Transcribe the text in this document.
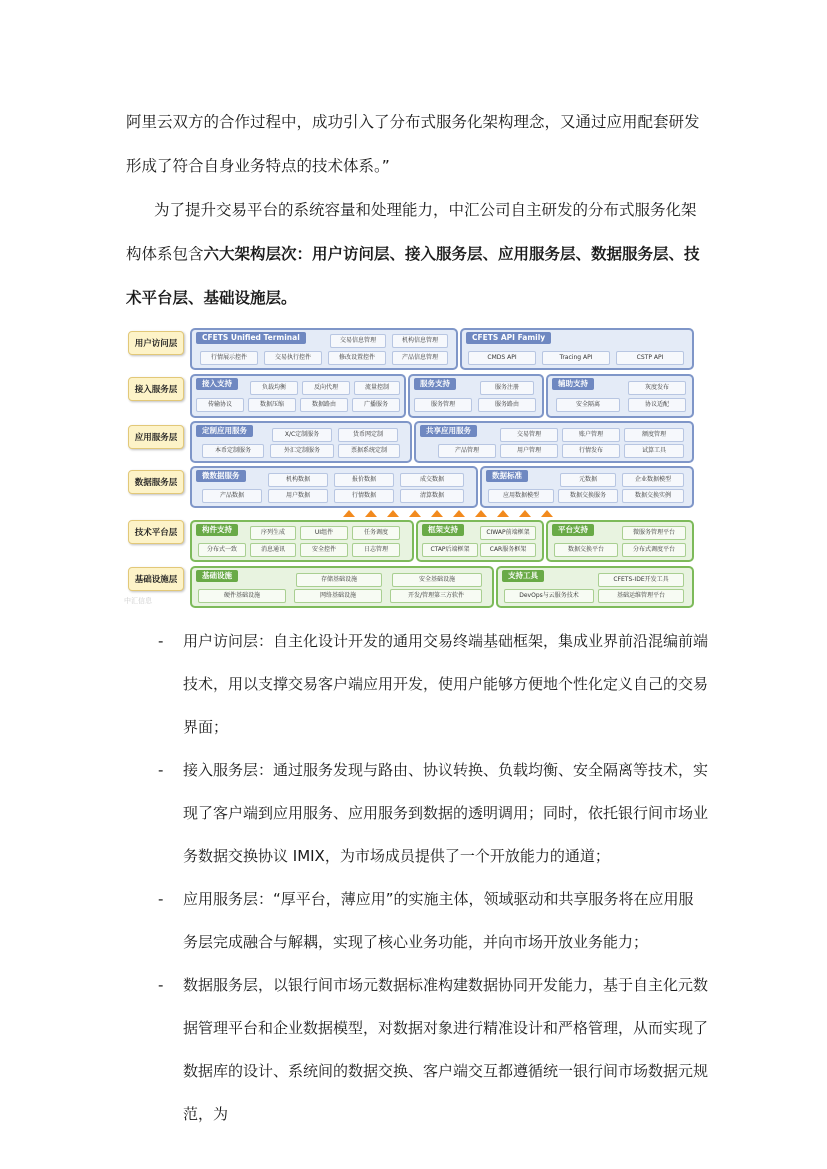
阿里云双方的合作过程中，成功引入了分布式服务化架构理念，又通过应用配套研发形成了符合自身业务特点的技术体系。”
为了提升交易平台的系统容量和处理能力，中汇公司自主研发的分布式服务化架构体系包含六大架构层次：用户访问层、接入服务层、应用服务层、数据服务层、技术平台层、基础设施层。
用户访问层
接入服务层
应用服务层
数据服务层
技术平台层
基础设施层
CFETS Unified Terminal	交易信息管理	机构信息管理
行情展示控件	交易执行控件	修改设置控件	产品信息管理
CFETS API Family
CMDS API	Tracing API	CSTP API
接入支持	负载均衡	反向代理	流量控制
传输协议	数据压缩	数据路由	广播服务
服务支持	服务注册
服务管理	服务路由
辅助支持	灰度发布
安全隔离	协议适配
定制应用服务	X/C定制服务	货币网定制
本币定制服务	外汇定制服务	票据系统定制
共享应用服务	交易管理	账户管理	额度管理
产品管理	用户管理	行情发布	试算工具
微数据服务	机构数据	报价数据	成交数据
产品数据	用户数据	行情数据	清算数据
数据标准	元数据	企业数据模型
应用数据模型	数据交换服务	数据交换实例
构件支持	序列生成	UI组件	任务调度
分布式一致	消息通讯	安全控件	日志管理
框架支持	CIWAP前端框架
CTAP后端框架	CAR服务框架
平台支持	微服务管理平台
数据交换平台	分布式调度平台
基础设施	存储基础设施	安全基础设施
硬件基础设施	网络基础设施	开发/管理第三方软件
支持工具	CFETS-IDE开发工具
DevOps与云服务技术	基础运维管理平台
中汇信息
- 用户访问层：自主化设计开发的通用交易终端基础框架，集成业界前沿混编前端技术，用以支撑交易客户端应用开发，使用户能够方便地个性化定义自己的交易界面；
- 接入服务层：通过服务发现与路由、协议转换、负载均衡、安全隔离等技术，实现了客户端到应用服务、应用服务到数据的透明调用；同时，依托银行间市场业务数据交换协议 IMIX，为市场成员提供了一个开放能力的通道；
- 应用服务层：“厚平台，薄应用”的实施主体，领域驱动和共享服务将在应用服务层完成融合与解耦，实现了核心业务功能，并向市场开放业务能力；
- 数据服务层，以银行间市场元数据标准构建数据协同开发能力，基于自主化元数据管理平台和企业数据模型，对数据对象进行精准设计和严格管理，从而实现了数据库的设计、系统间的数据交换、客户端交互都遵循统一银行间市场数据元规范，为
